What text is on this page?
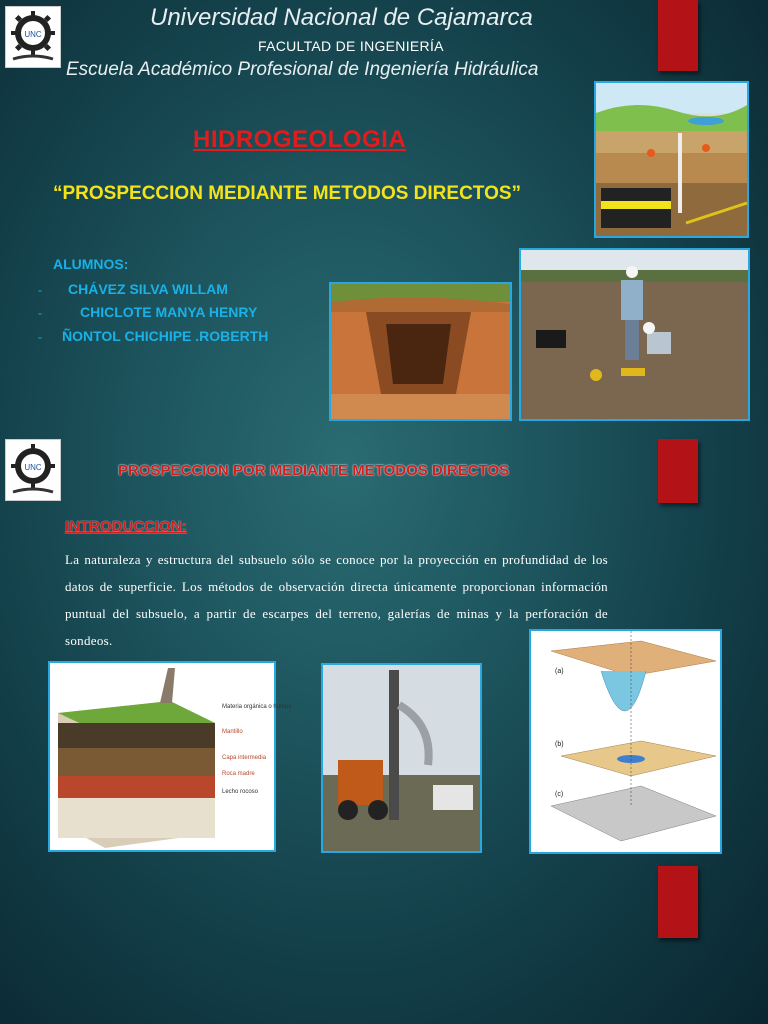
UNC
Universidad Nacional de Cajamarca
FACULTAD DE INGENIERÍA
Escuela Académico Profesional de Ingeniería Hidráulica
HIDROGEOLOGIA
“PROSPECCION MEDIANTE METODOS DIRECTOS”
ALUMNOS:
- CHÁVEZ SILVA WILLAM
-	CHICLOTE MANYA HENRY
- ÑONTOL CHICHIPE .ROBERTH
UNC	PROSPECCION POR MEDIANTE METODOS DIRECTOS
INTRODUCCION:
La naturaleza y estructura del subsuelo sólo se conoce por la proyección en profundidad de los datos de superficie. Los métodos de observación directa únicamente proporcionan información puntual del subsuelo, a partir de escarpes del terreno, galerías de minas y la perforación de sondeos.
Materia orgánica o humus
Mantillo
Capa intermedia
Roca madre
Lecho rocoso
(a)
(b)
(c)
